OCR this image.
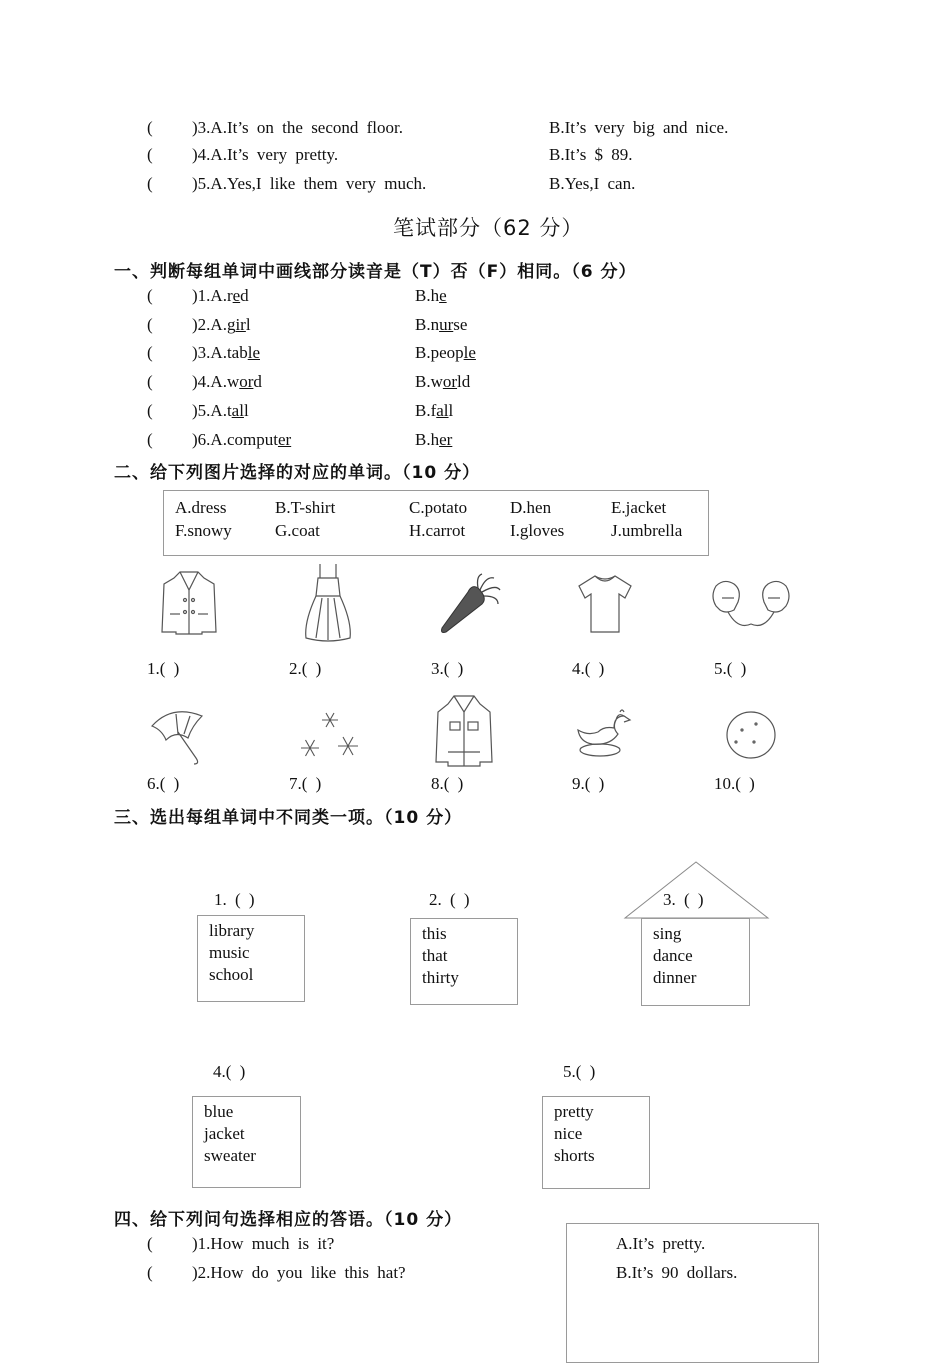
( )3.A.It’s on the second floor.	B.It’s very big and nice.
( )4.A.It’s very pretty.	B.It’s $ 89.
( )5.A.Yes,I like them very much.	B.Yes,I can.
笔试部分（62 分）
一、判断每组单词中画线部分读音是（T）否（F）相同。（6 分）
( )1.A.red	B.he
( )2.A.girl	B.nurse
( )3.A.table	B.people
( )4.A.word	B.world
( )5.A.tall	B.fall
( )6.A.computer	B.her
二、给下列图片选择的对应的单词。（10 分）
A.dress	B.T-shirt	C.potato	D.hen	E.jacket
F.snowy	G.coat	H.carrot	I.gloves	J.umbrella
1.( )	2.( )	3.( )	4.( )	5.( )
6.( )	7.( )	8.( )	9.( )	10.( )
三、选出每组单词中不同类一项。（10 分）
1. ( )
library
music
school
2. ( )
this
that
thirty
3. ( )
sing
dance
dinner
4.( )
blue
jacket
sweater
5.( )
pretty
nice
shorts
四、给下列问句选择相应的答语。（10 分）
( )1.How much is it?
( )2.How do you like this hat?
A.It’s pretty.
B.It’s 90 dollars.
